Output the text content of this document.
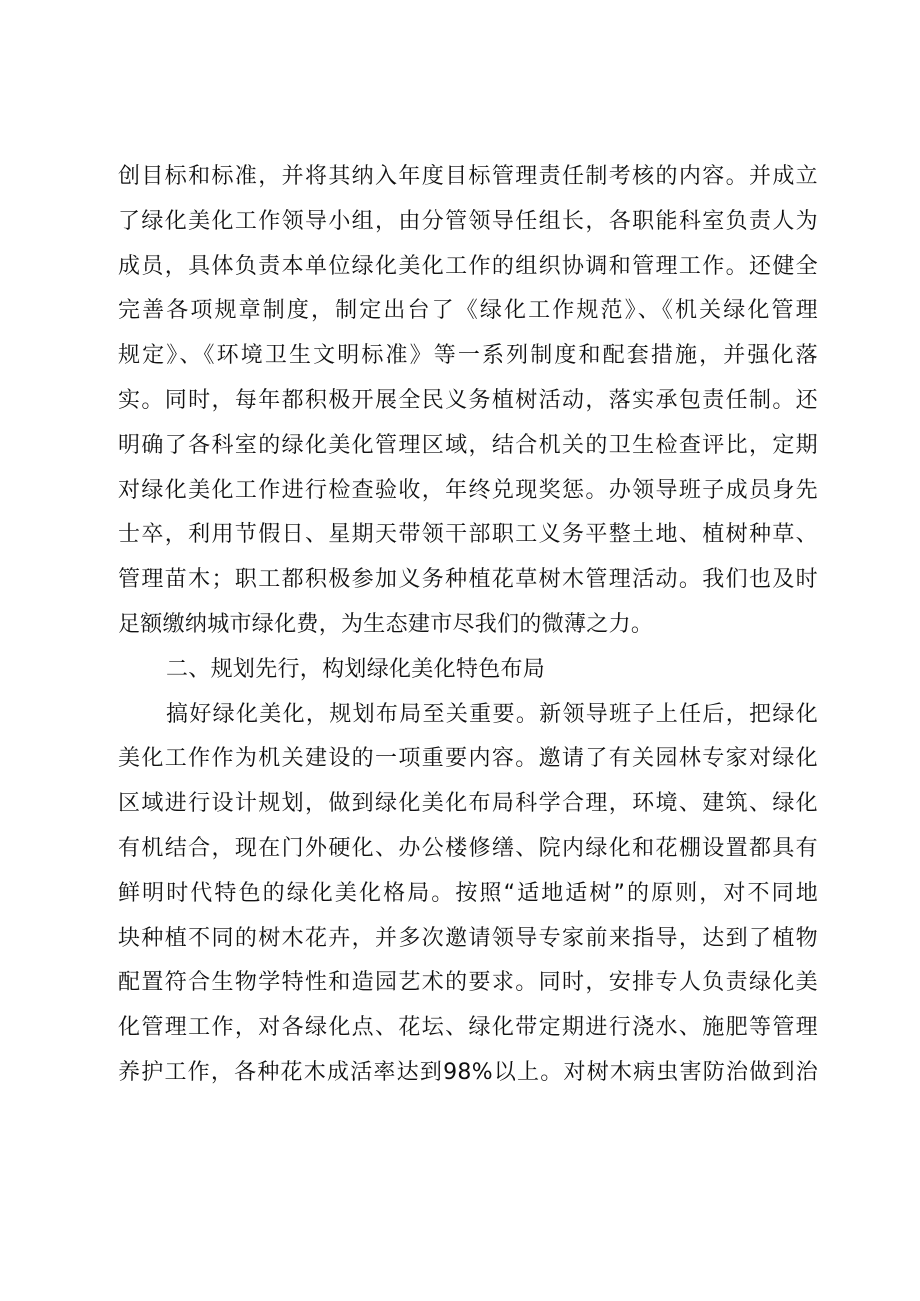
创目标和标准，并将其纳入年度目标管理责任制考核的内容。并成立
了绿化美化工作领导小组，由分管领导任组长，各职能科室负责人为
成员，具体负责本单位绿化美化工作的组织协调和管理工作。还健全
完善各项规章制度，制定出台了《绿化工作规范》、《机关绿化管理
规定》、《环境卫生文明标准》等一系列制度和配套措施，并强化落
实。同时，每年都积极开展全民义务植树活动，落实承包责任制。还
明确了各科室的绿化美化管理区域，结合机关的卫生检查评比，定期
对绿化美化工作进行检查验收，年终兑现奖惩。办领导班子成员身先
士卒，利用节假日、星期天带领干部职工义务平整土地、植树种草、
管理苗木；职工都积极参加义务种植花草树木管理活动。我们也及时
足额缴纳城市绿化费，为生态建市尽我们的微薄之力。
二、规划先行，构划绿化美化特色布局
搞好绿化美化，规划布局至关重要。新领导班子上任后，把绿化
美化工作作为机关建设的一项重要内容。邀请了有关园林专家对绿化
区域进行设计规划，做到绿化美化布局科学合理，环境、建筑、绿化
有机结合，现在门外硬化、办公楼修缮、院内绿化和花棚设置都具有
鲜明时代特色的绿化美化格局。按照“适地适树”的原则，对不同地
块种植不同的树木花卉，并多次邀请领导专家前来指导，达到了植物
配置符合生物学特性和造园艺术的要求。同时，安排专人负责绿化美
化管理工作，对各绿化点、花坛、绿化带定期进行浇水、施肥等管理
养护工作，各种花木成活率达到98%以上。对树木病虫害防治做到治
